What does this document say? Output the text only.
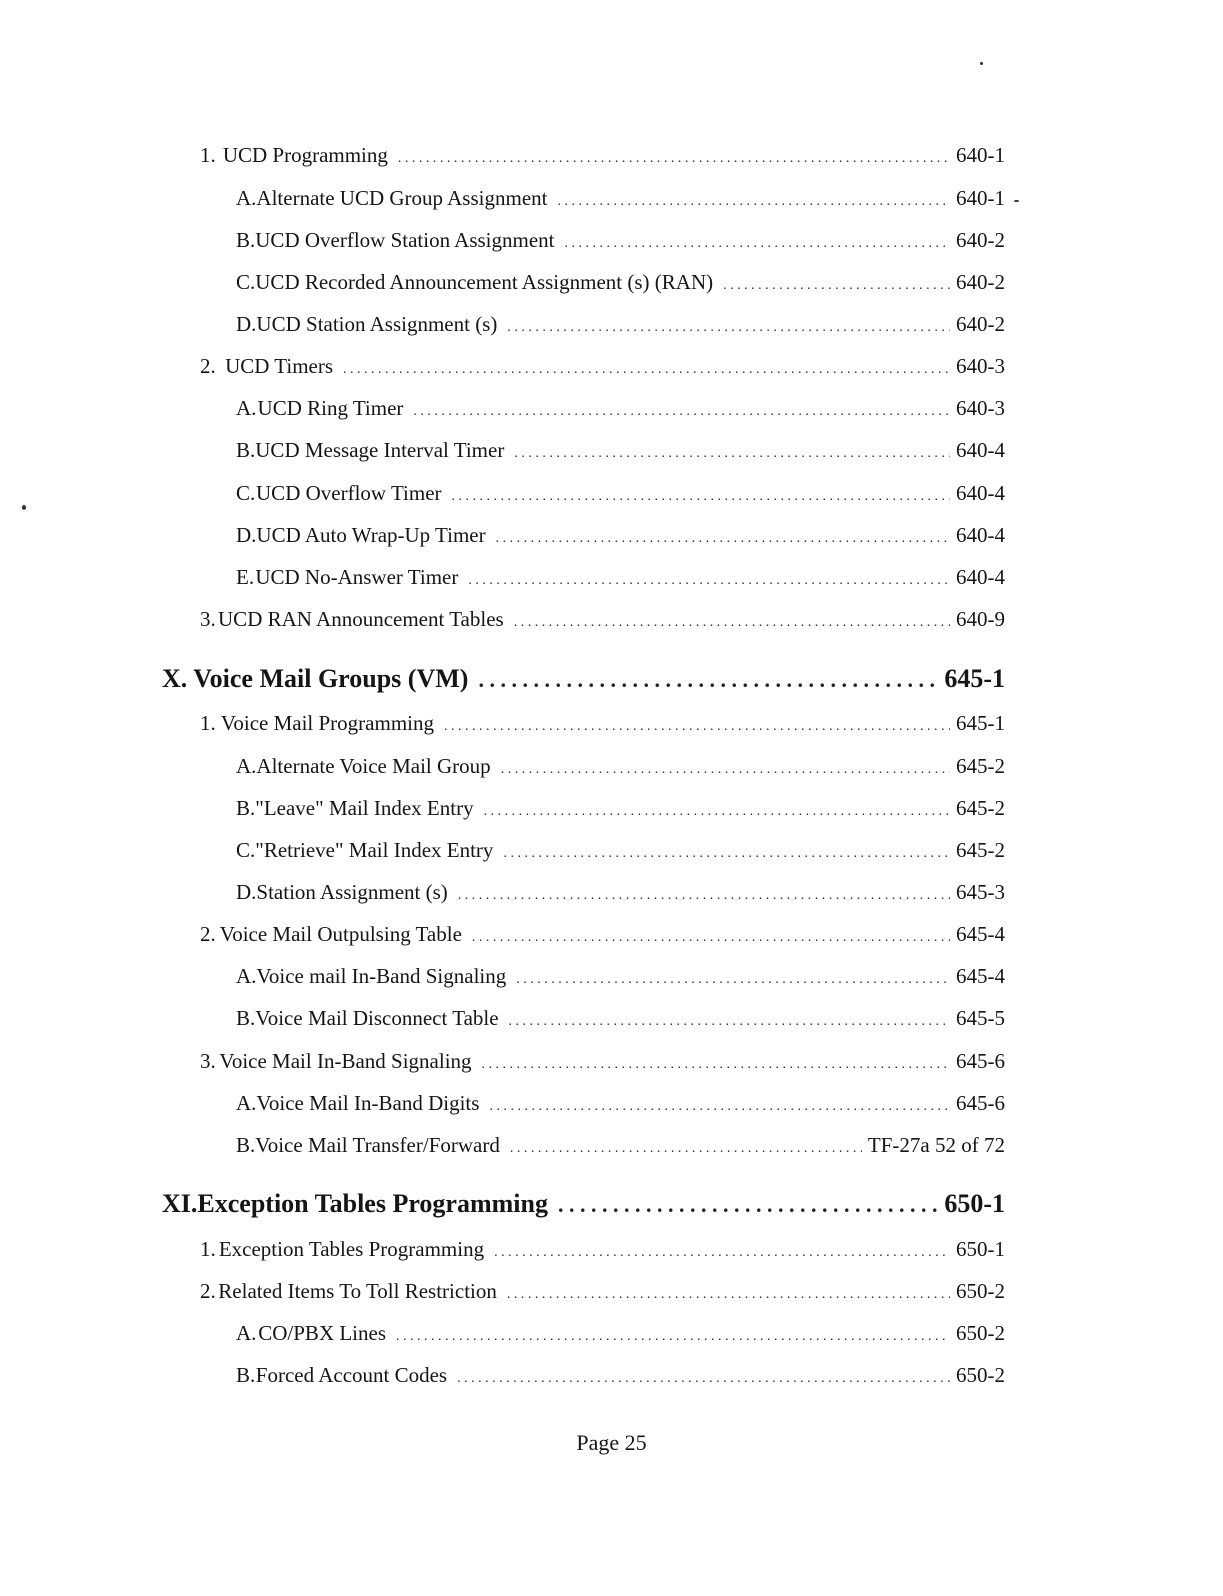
1. UCD Programming . . .	640-1
A. Alternate UCD Group Assignment . . .	640-1
B. UCD Overflow Station Assignment . . .	640-2
C. UCD Recorded Announcement Assignment (s) (RAN) . . .	640-2
D. UCD Station Assignment (s) . . .	640-2
2. UCD Timers . . .	640-3
A. UCD Ring Timer . . .	640-3
B. UCD Message Interval Timer . . .	640-4
C. UCD Overflow Timer . . .	640-4
D. UCD Auto Wrap-Up Timer . . .	640-4
E. UCD No-Answer Timer . . .	640-4
3. UCD RAN Announcement Tables . . .	640-9
X. Voice Mail Groups (VM) . . .	645-1
1. Voice Mail Programming . . .	645-1
A. Alternate Voice Mail Group . . .	645-2
B. "Leave" Mail Index Entry . . .	645-2
C. "Retrieve" Mail Index Entry . . .	645-2
D. Station Assignment (s) . . .	645-3
2. Voice Mail Outpulsing Table . . .	645-4
A. Voice mail In-Band Signaling . . .	645-4
B. Voice Mail Disconnect Table . . .	645-5
3. Voice Mail In-Band Signaling . . .	645-6
A. Voice Mail In-Band Digits . . .	645-6
B. Voice Mail Transfer/Forward . . .	TF-27a 52 of 72
XI. Exception Tables Programming . . .	650-1
1. Exception Tables Programming . . .	650-1
2. Related Items To Toll Restriction . . .	650-2
A. CO/PBX Lines . . .	650-2
B. Forced Account Codes . . .	650-2
Page 25
